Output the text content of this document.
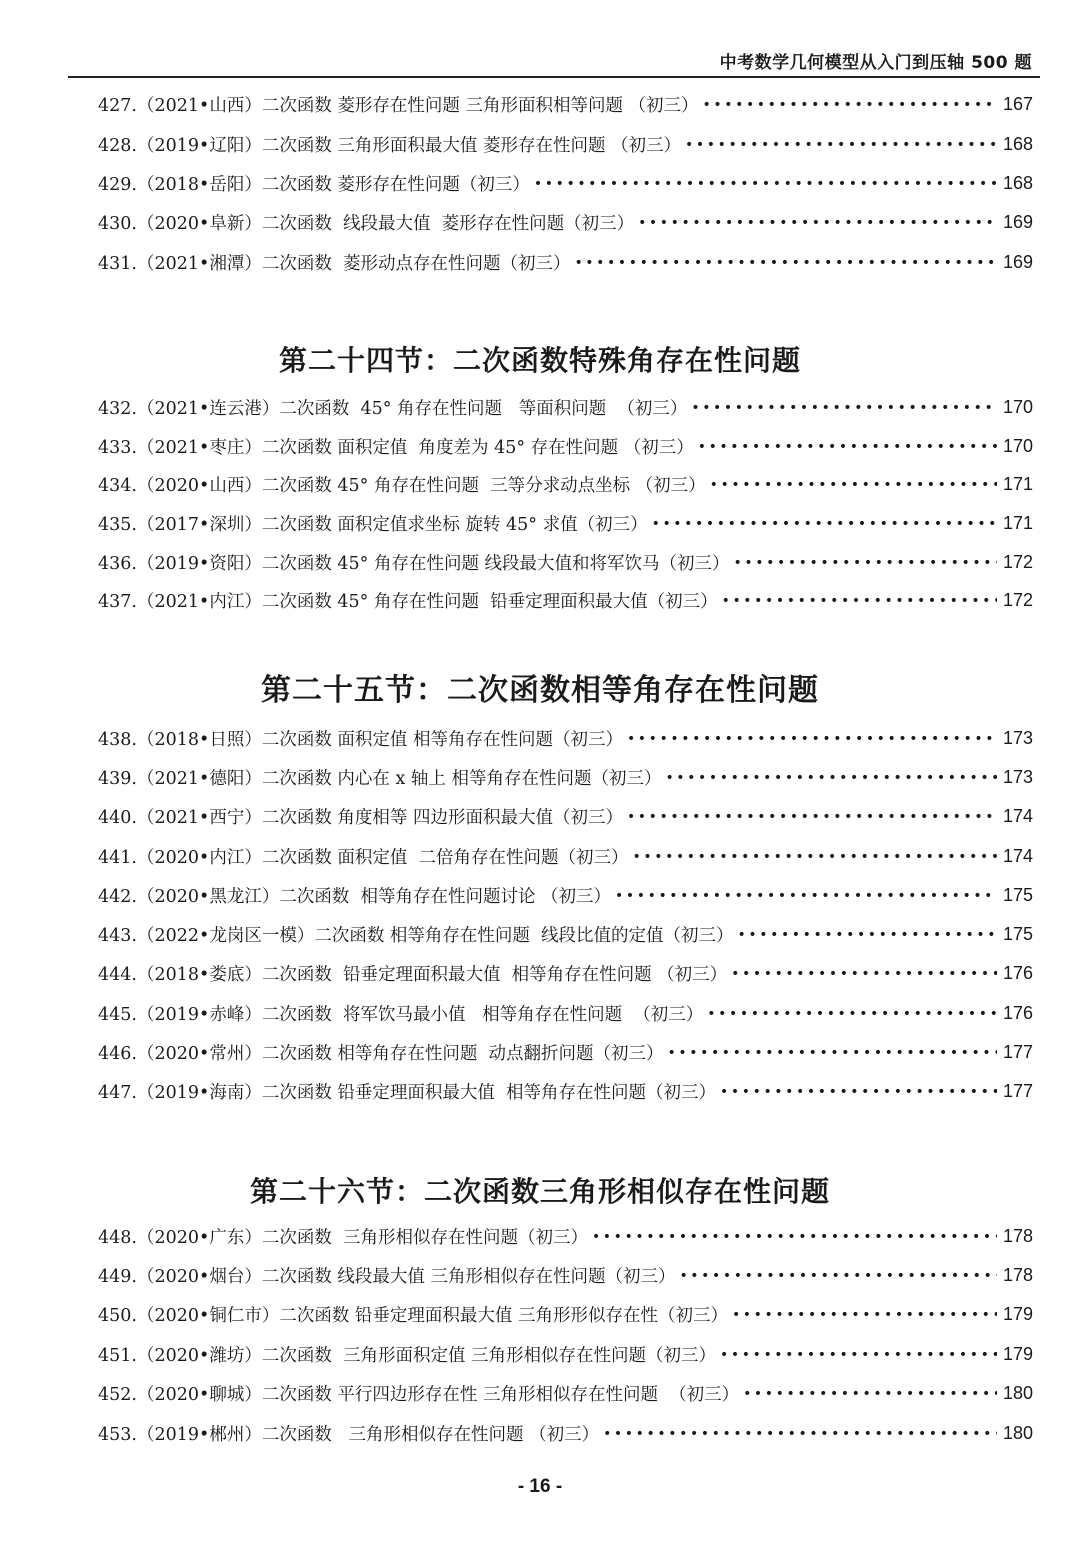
中考数学几何模型从入门到压轴 500 题
427.（2021•山西）二次函数 菱形存在性问题 三角形面积相等问题 （初三） •••••	167
428.（2019•辽阳）二次函数 三角形面积最大值 菱形存在性问题 （初三） •••••	168
429.（2018•岳阳）二次函数 菱形存在性问题（初三） •••••	168
430.（2020•阜新）二次函数  线段最大值  菱形存在性问题（初三） •••••	169
431.（2021•湘潭）二次函数  菱形动点存在性问题（初三） •••••	169
第二十四节：二次函数特殊角存在性问题
432.（2021•连云港）二次函数  45° 角存在性问题   等面积问题  （初三） •••••	170
433.（2021•枣庄）二次函数 面积定值  角度差为 45° 存在性问题 （初三） •••••	170
434.（2020•山西）二次函数 45° 角存在性问题  三等分求动点坐标 （初三） •••••	171
435.（2017•深圳）二次函数 面积定值求坐标 旋转 45° 求值（初三） •••••	171
436.（2019•资阳）二次函数 45° 角存在性问题 线段最大值和将军饮马（初三） •••••	172
437.（2021•内江）二次函数 45° 角存在性问题  铅垂定理面积最大值（初三） •••••	172
第二十五节：二次函数相等角存在性问题
438.（2018•日照）二次函数 面积定值 相等角存在性问题（初三） •••••	173
439.（2021•德阳）二次函数 内心在 x 轴上 相等角存在性问题（初三） •••••	173
440.（2021•西宁）二次函数 角度相等 四边形面积最大值（初三） •••••	174
441.（2020•内江）二次函数 面积定值  二倍角存在性问题（初三） •••••	174
442.（2020•黑龙江）二次函数  相等角存在性问题讨论 （初三） •••••	175
443.（2022•龙岗区一模）二次函数 相等角存在性问题  线段比值的定值（初三） •••••	175
444.（2018•娄底）二次函数  铅垂定理面积最大值  相等角存在性问题 （初三） •••••	176
445.（2019•赤峰）二次函数  将军饮马最小值   相等角存在性问题  （初三） •••••	176
446.（2020•常州）二次函数 相等角存在性问题  动点翻折问题（初三） •••••	177
447.（2019•海南）二次函数 铅垂定理面积最大值  相等角存在性问题（初三） •••••	177
第二十六节：二次函数三角形相似存在性问题
448.（2020•广东）二次函数  三角形相似存在性问题（初三） •••••	178
449.（2020•烟台）二次函数 线段最大值 三角形相似存在性问题（初三） •••••	178
450.（2020•铜仁市）二次函数 铅垂定理面积最大值 三角形形似存在性（初三） •••••	179
451.（2020•潍坊）二次函数  三角形面积定值 三角形相似存在性问题（初三） •••••	179
452.（2020•聊城）二次函数 平行四边形存在性 三角形相似存在性问题  （初三） •••••	180
453.（2019•郴州）二次函数   三角形相似存在性问题 （初三） •••••	180
- 16 -
